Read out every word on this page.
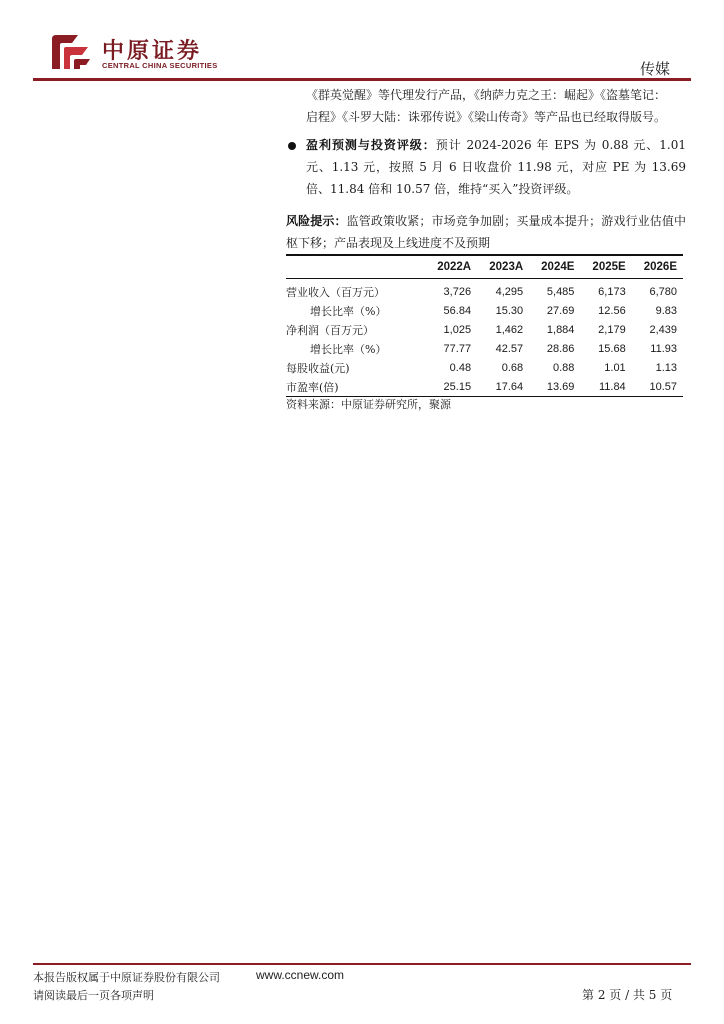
中原证券
CENTRAL CHINA SECURITIES	传媒

《群英觉醒》等代理发行产品，《纳萨力克之王：崛起》《盗墓笔记：
启程》《斗罗大陆：诛邪传说》《梁山传奇》等产品也已经取得版号。

盈利预测与投资评级：预计 2024-2026 年 EPS 为 0.88 元、1.01 元、1.13 元，按照 5 月 6 日收盘价 11.98 元，对应 PE 为 13.69 倍、11.84 倍和 10.57 倍，维持“买入”投资评级。

风险提示：监管政策收紧；市场竞争加剧；买量成本提升；游戏行业估值中枢下移；产品表现及上线进度不及预期

	2022A	2023A	2024E	2025E	2026E
营业收入（百万元）	3,726	4,295	5,485	6,173	6,780
增长比率（%）	56.84	15.30	27.69	12.56	9.83
净利润（百万元）	1,025	1,462	1,884	2,179	2,439
增长比率（%）	77.77	42.57	28.86	15.68	11.93
每股收益(元)	0.48	0.68	0.88	1.01	1.13
市盈率(倍)	25.15	17.64	13.69	11.84	10.57
资料来源：中原证券研究所，聚源
本报告版权属于中原证券股份有限公司	www.ccnew.com
请阅读最后一页各项声明	第 2 页 / 共 5 页
